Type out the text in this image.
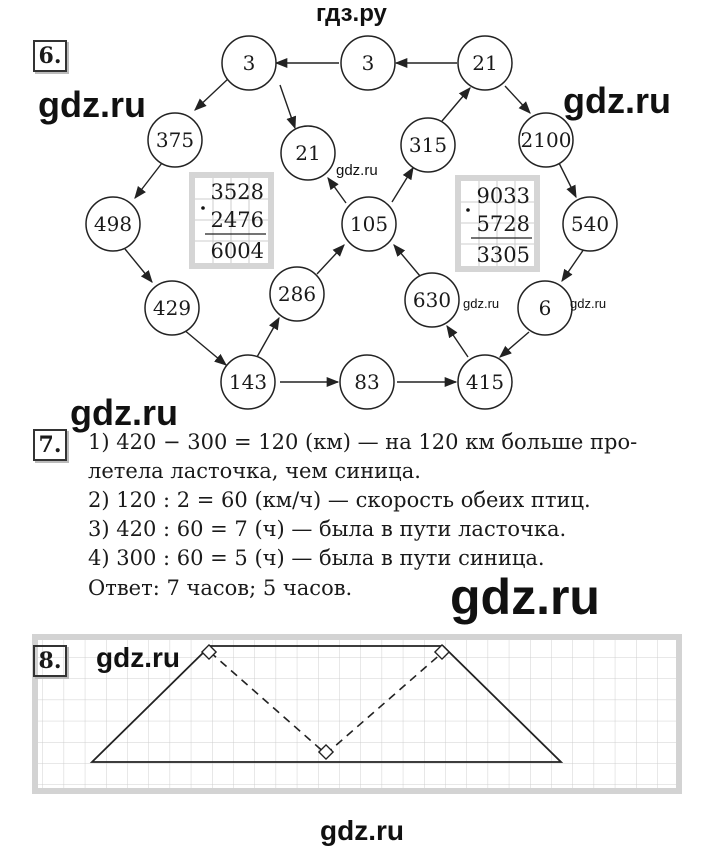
гдз.ру
6.
gdz.ru	gdz.ru
3528
2476
6004
9033
5728
3305
3	3	21
375
21	315	2100
498	105	540
429
286	630	6
143	83	415
gdz.ru
gdz.ru	gdz.ru
gdz.ru
7. 1) 420 − 300 = 120 (км) — на 120 км больше про-
летела ласточка, чем синица.
2) 120 : 2 = 60 (км/ч) — скорость обеих птиц.
3) 420 : 60 = 7 (ч) — была в пути ласточка.
4) 300 : 60 = 5 (ч) — была в пути синица.
Ответ: 7 часов; 5 часов. gdz.ru
8. gdz.ru
gdz.ru
